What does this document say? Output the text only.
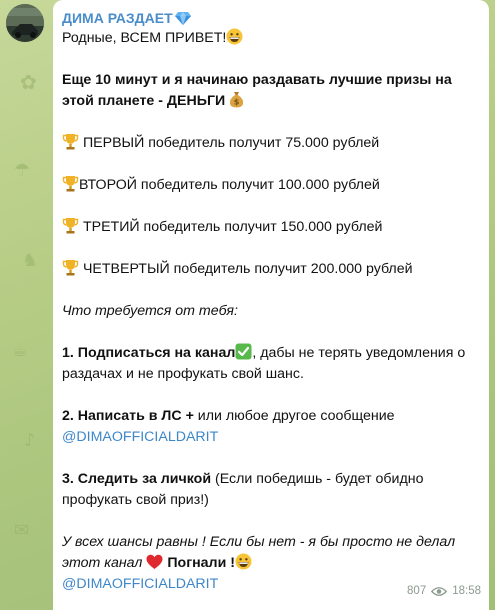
✿
☂
♞
☕
♪
✉
ДИМА РАЗДАЕТ

Родные, ВСЕМ ПРИВЕТ!

Еще 10 минут и я начинаю раздавать лучшие призы на этой планете - ДЕНЬГИ $

ПЕРВЫЙ победитель получит 75.000 рублей

ВТОРОЙ победитель получит 100.000 рублей

ТРЕТИЙ победитель получит 150.000 рублей

ЧЕТВЕРТЫЙ победитель получит 200.000 рублей

Что требуется от тебя:

1. Подписаться на канал , дабы не терять уведомления о раздачах и не профукать свой шанс.

2. Написать в ЛС + или любое другое сообщение
@DIMAOFFICIALDARIT

3. Следить за личкой (Если победишь - будет обидно профукать свой приз!)

У всех шансы равны ! Если бы нет - я бы просто не делал этот канал Погнали !

@DIMAOFFICIALDARIT	807 18:58
